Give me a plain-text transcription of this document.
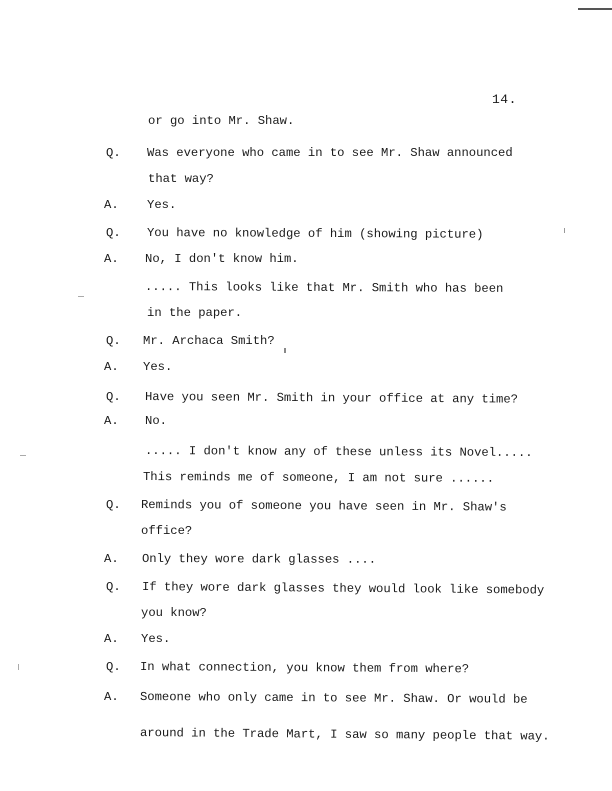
14.
or go into Mr. Shaw.
Q. Was everyone who came in to see Mr. Shaw announced
that way?
A. Yes.
Q. You have no knowledge of him (showing picture)
A. No, I don't know him.
..... This looks like that Mr. Smith who has been
in the paper.
Q. Mr. Archaca Smith?
A. Yes.
Q. Have you seen Mr. Smith in your office at any time?
A. No.
..... I don't know any of these unless its Novel.....
This reminds me of someone, I am not sure ......
Q. Reminds you of someone you have seen in Mr. Shaw's
office?
A. Only they wore dark glasses ....
Q. If they wore dark glasses they would look like somebody
you know?
A. Yes.
Q. In what connection, you know them from where?
A. Someone who only came in to see Mr. Shaw. Or would be
around in the Trade Mart, I saw so many people that way.
